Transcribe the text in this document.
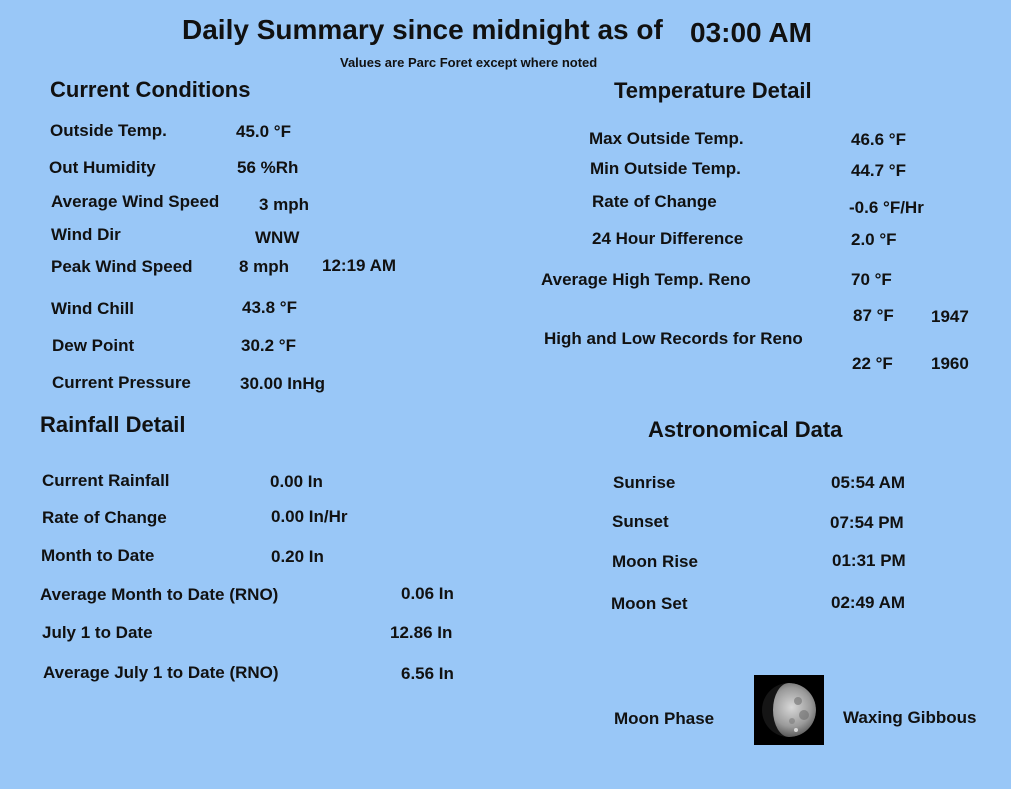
Daily Summary since midnight as of 03:00 AM
Values are Parc Foret except where noted
Current Conditions
Outside Temp.	45.0 °F
Out Humidity	56 %Rh
Average Wind Speed 3 mph
Wind Dir	WNW
Peak Wind Speed	8 mph 12:19 AM
Wind Chill	43.8 °F
Dew Point	30.2 °F
Current Pressure	30.00 InHg
Rainfall Detail
Current Rainfall	0.00 In
Rate of Change	0.00 In/Hr
Month to Date	0.20 In
Average Month to Date (RNO)	0.06 In
July 1 to Date	12.86 In
Average July 1 to Date (RNO)	6.56 In
Temperature Detail
Max Outside Temp.	46.6 °F
Min Outside Temp.	44.7 °F
Rate of Change	-0.6 °F/Hr
24 Hour Difference	2.0 °F
Average High Temp. Reno	70 °F
87 °F 1947
High and Low Records for Reno
22 °F 1960
Astronomical Data
Sunrise	05:54 AM
Sunset	07:54 PM
Moon Rise	01:31 PM
Moon Set	02:49 AM
Moon Phase	Waxing Gibbous
